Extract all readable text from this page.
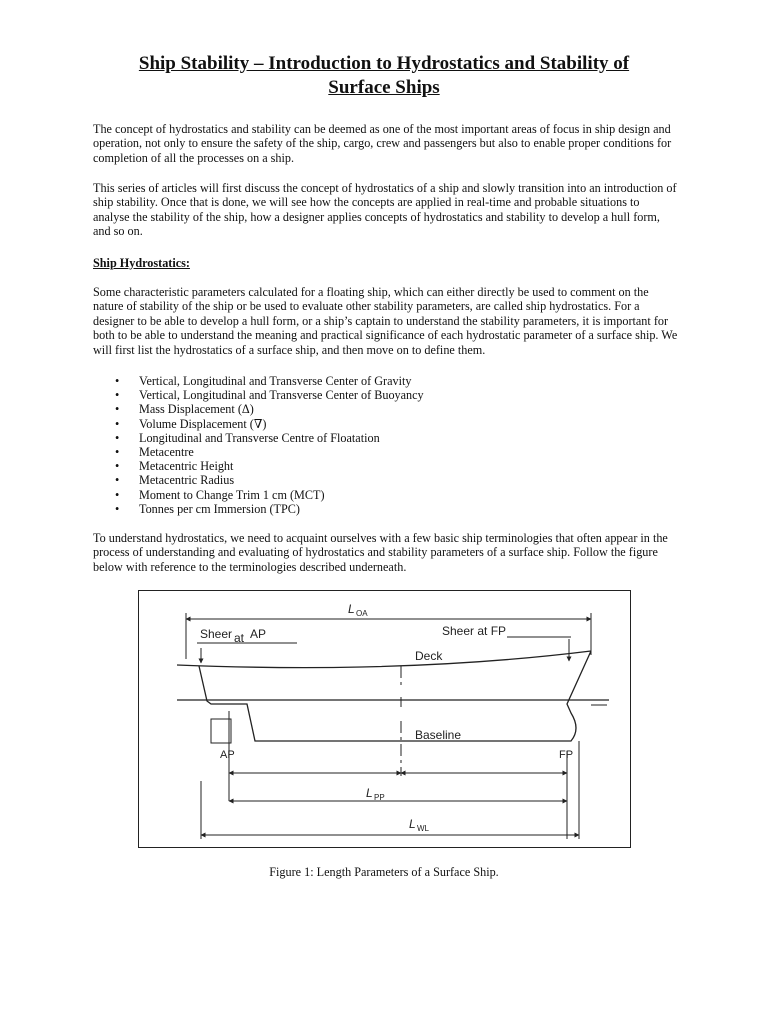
Ship Stability – Introduction to Hydrostatics and Stability of
Surface Ships

The concept of hydrostatics and stability can be deemed as one of the most important areas of focus in ship design and operation, not only to ensure the safety of the ship, cargo, crew and passengers but also to enable proper conditions for completion of all the processes on a ship.

This series of articles will first discuss the concept of hydrostatics of a ship and slowly transition into an introduction of ship stability. Once that is done, we will see how the concepts are applied in real-time and probable situations to analyse the stability of the ship, how a designer applies concepts of hydrostatics and stability to develop a hull form, and so on.

Ship Hydrostatics:

Some characteristic parameters calculated for a floating ship, which can either directly be used to comment on the nature of stability of the ship or be used to evaluate other stability parameters, are called ship hydrostatics. For a designer to be able to develop a hull form, or a ship’s captain to understand the stability parameters, it is important for both to be able to understand the meaning and practical significance of each hydrostatic parameter of a surface ship. We will first list the hydrostatics of a surface ship, and then move on to define them.

• Vertical, Longitudinal and Transverse Center of Gravity
• Vertical, Longitudinal and Transverse Center of Buoyancy
• Mass Displacement (Δ)
• Volume Displacement (∇)
• Longitudinal and Transverse Centre of Floatation
• Metacentre
• Metacentric Height
• Metacentric Radius
• Moment to Change Trim 1 cm (MCT)
• Tonnes per cm Immersion (TPC)

To understand hydrostatics, we need to acquaint ourselves with a few basic ship terminologies that often appear in the process of understanding and evaluating of hydrostatics and stability parameters of a surface ship. Follow the figure below with reference to the terminologies described underneath.

L OA
Sheer at AP	Sheer at FP
Deck
Baseline
AP	FP
L PP
L WL

Figure 1: Length Parameters of a Surface Ship.
